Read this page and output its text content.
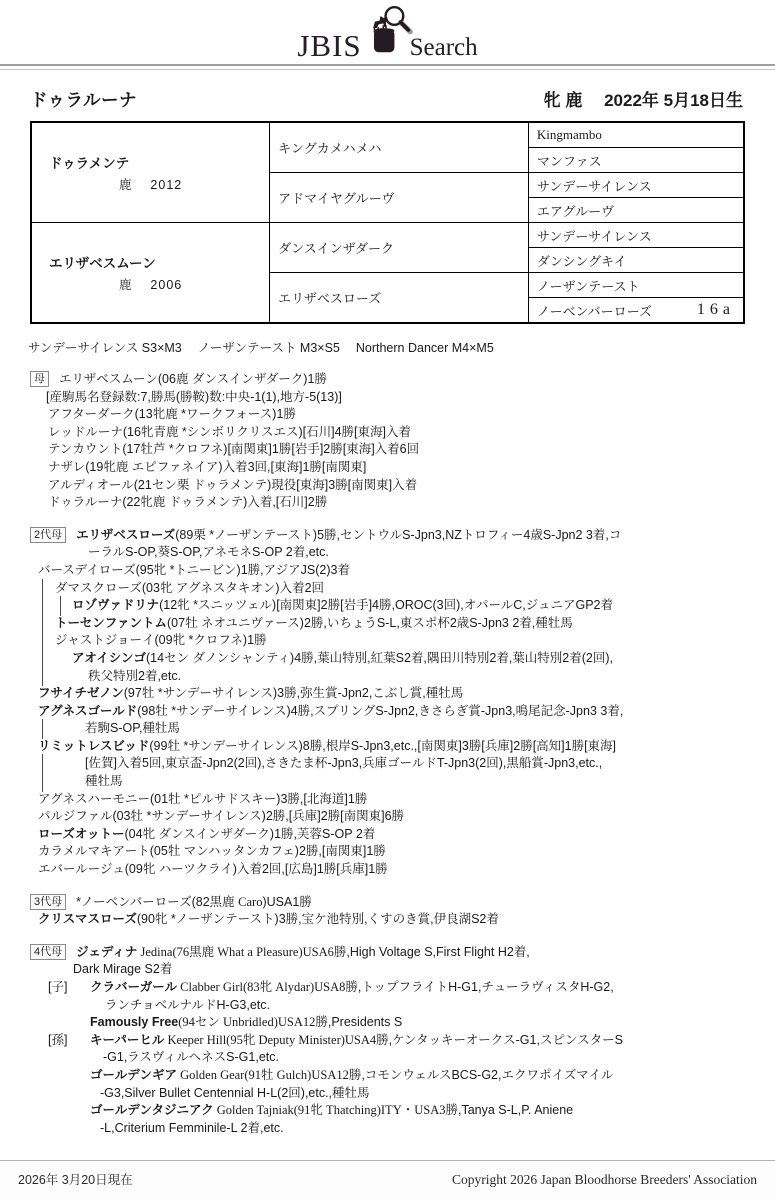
JBIS Search
ドゥラルーナ	牝 鹿　 2022年 5月18日生
ドゥラメンテ
鹿　 2012	キングカメハメハ	Kingmambo
		マンファス
	アドマイヤグルーヴ	サンデーサイレンス
		エアグルーヴ

エリザベスムーン
鹿　 2006	ダンスインザダーク	サンデーサイレンス
		ダンシングキイ
	エリザベスローズ	ノーザンテースト

		ノーベンバーローズ 16a
サンデーサイレンス S3×M3　 ノーザンテースト M3×S5　 Northern Dancer M4×M5
母 エリザベスムーン(06鹿 ダンスインザダーク)1勝
[産駒馬名登録数:7,勝馬(勝鞍)数:中央-1(1),地方-5(13)]
アフターダーク(13牝鹿 *ワークフォース)1勝
レッドルーナ(16牝青鹿 *シンボリクリスエス)[石川]4勝[東海]入着
テンカウント(17牡芦 *クロフネ)[南関東]1勝[岩手]2勝[東海]入着6回
ナザレ(19牝鹿 エピファネイア)入着3回,[東海]1勝[南関東]
アルディオール(21セン栗 ドゥラメンテ)現役[東海]3勝[南関東]入着
ドゥラルーナ(22牝鹿 ドゥラメンテ)入着,[石川]2勝
2代母 エリザベスローズ(89栗 *ノーザンテースト)5勝,セントウルS-Jpn3,NZトロフィー4歳S-Jpn2 3着,コ
ーラルS-OP,葵S-OP,アネモネS-OP 2着,etc.
バースデイローズ(95牝 *トニービン)1勝,アジアJS(2)3着
ダマスクローズ(03牝 アグネスタキオン)入着2回
ロゾヴァドリナ(12牝 *スニッツェル)[南関東]2勝[岩手]4勝,OROC(3回),オパールC,ジュニアGP2着
トーセンファントム(07牡 ネオユニヴァース)2勝,いちょうS-L,東スポ杯2歳S-Jpn3 2着,種牡馬
ジャストジョーイ(09牝 *クロフネ)1勝
アオイシンゴ(14セン ダノンシャンティ)4勝,葉山特別,紅葉S2着,隅田川特別2着,葉山特別2着(2回),
秩父特別2着,etc.
フサイチゼノン(97牡 *サンデーサイレンス)3勝,弥生賞-Jpn2,こぶし賞,種牡馬
アグネスゴールド(98牡 *サンデーサイレンス)4勝,スプリングS-Jpn2,きさらぎ賞-Jpn3,鳴尾記念-Jpn3 3着,
若駒S-OP,種牡馬
リミットレスビッド(99牡 *サンデーサイレンス)8勝,根岸S-Jpn3,etc.,[南関東]3勝[兵庫]2勝[高知]1勝[東海]
[佐賀]入着5回,東京盃-Jpn2(2回),さきたま杯-Jpn3,兵庫ゴールドT-Jpn3(2回),黒船賞-Jpn3,etc.,
種牡馬
アグネスハーモニー(01牡 *ピルサドスキー)3勝,[北海道]1勝
パルジファル(03牡 *サンデーサイレンス)2勝,[兵庫]2勝[南関東]6勝
ローズオットー(04牝 ダンスインザダーク)1勝,芙蓉S-OP 2着
カラメルマキアート(05牡 マンハッタンカフェ)2勝,[南関東]1勝
エバールージュ(09牝 ハーツクライ)入着2回,[広島]1勝[兵庫]1勝
3代母 *ノーベンバーローズ(82黒鹿 Caro)USA1勝
クリスマスローズ(90牝 *ノーザンテースト)3勝,宝ケ池特別,くすのき賞,伊良湖S2着
4代母 ジェディナ Jedina(76黒鹿 What a Pleasure)USA6勝,High Voltage S,First Flight H2着,
Dark Mirage S2着
[子] クラバーガール Clabber Girl(83牝 Alydar)USA8勝,トップフライトH-G1,チューラヴィスタH-G2,
ランチョベルナルドH-G3,etc.
Famously Free(94セン Unbridled)USA12勝,Presidents S
[孫] キーパーヒル Keeper Hill(95牝 Deputy Minister)USA4勝,ケンタッキーオークス-G1,スピンスターS
-G1,ラスヴィルヘネスS-G1,etc.
ゴールデンギア Golden Gear(91牡 Gulch)USA12勝,コモンウェルスBCS-G2,エクワポイズマイル
-G3,Silver Bullet Centennial H-L(2回),etc.,種牡馬
ゴールデンタジニアク Golden Tajniak(91牝 Thatching)ITY・USA3勝,Tanya S-L,P. Aniene
-L,Criterium Femminile-L 2着,etc.
2026年 3月20日現在	Copyright 2026 Japan Bloodhorse Breeders' Association
